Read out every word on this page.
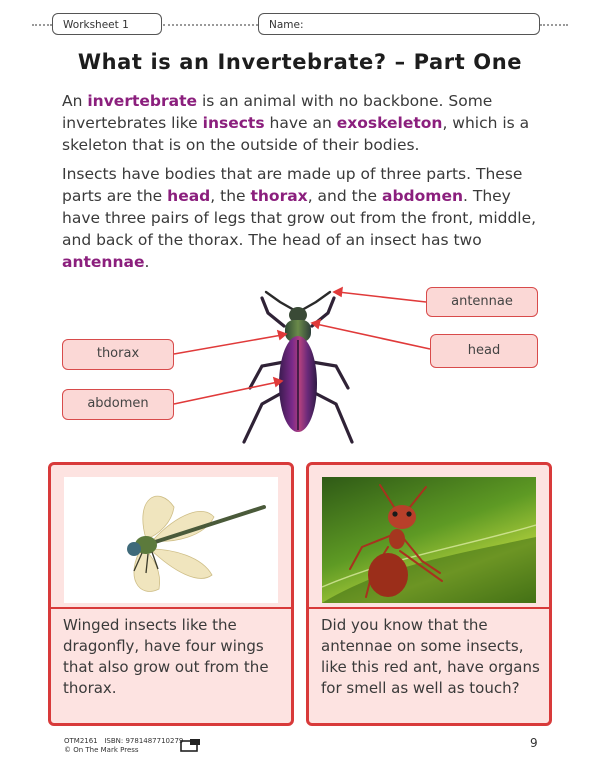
Worksheet 1	Name:
What is an Invertebrate? – Part One
An invertebrate is an animal with no backbone. Some invertebrates like insects have an exoskeleton, which is a skeleton that is on the outside of their bodies.
Insects have bodies that are made up of three parts. These parts are the head, the thorax, and the abdomen. They have three pairs of legs that grow out from the front, middle, and back of the thorax. The head of an insect has two antennae.
antennae
head
thorax
abdomen
Winged insects like the dragonfly, have four wings that also grow out from the thorax.
Did you know that the antennae on some insects, like this red ant, have organs for smell as well as touch?
OTM2161 ISBN: 9781487710279
© On The Mark Press	9
